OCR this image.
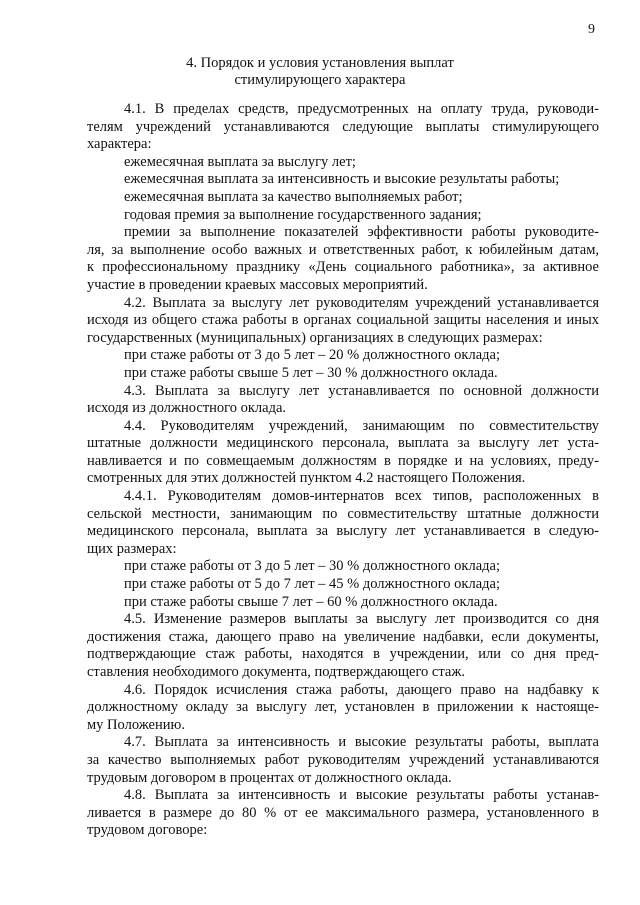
9
4. Порядок и условия установления выплат
стимулирующего характера
4.1. В пределах средств, предусмотренных на оплату труда, руководи-
телям учреждений устанавливаются следующие выплаты стимулирующего
характера:
ежемесячная выплата за выслугу лет;
ежемесячная выплата за интенсивность и высокие результаты работы;
ежемесячная выплата за качество выполняемых работ;
годовая премия за выполнение государственного задания;
премии за выполнение показателей эффективности работы руководите-
ля, за выполнение особо важных и ответственных работ, к юбилейным датам,
к профессиональному празднику «День социального работника», за активное
участие в проведении краевых массовых мероприятий.
4.2. Выплата за выслугу лет руководителям учреждений устанавливается
исходя из общего стажа работы в органах социальной защиты населения и иных
государственных (муниципальных) организациях в следующих размерах:
при стаже работы от 3 до 5 лет – 20 % должностного оклада;
при стаже работы свыше 5 лет – 30 % должностного оклада.
4.3. Выплата за выслугу лет устанавливается по основной должности
исходя из должностного оклада.
4.4. Руководителям учреждений, занимающим по совместительству
штатные должности медицинского персонала, выплата за выслугу лет уста-
навливается и по совмещаемым должностям в порядке и на условиях, преду-
смотренных для этих должностей пунктом 4.2 настоящего Положения.
4.4.1. Руководителям домов-интернатов всех типов, расположенных в
сельской местности, занимающим по совместительству штатные должности
медицинского персонала, выплата за выслугу лет устанавливается в следую-
щих размерах:
при стаже работы от 3 до 5 лет – 30 % должностного оклада;
при стаже работы от 5 до 7 лет – 45 % должностного оклада;
при стаже работы свыше 7 лет – 60 % должностного оклада.
4.5. Изменение размеров выплаты за выслугу лет производится со дня
достижения стажа, дающего право на увеличение надбавки, если документы,
подтверждающие стаж работы, находятся в учреждении, или со дня пред-
ставления необходимого документа, подтверждающего стаж.
4.6. Порядок исчисления стажа работы, дающего право на надбавку к
должностному окладу за выслугу лет, установлен в приложении к настояще-
му Положению.
4.7. Выплата за интенсивность и высокие результаты работы, выплата
за качество выполняемых работ руководителям учреждений устанавливаются
трудовым договором в процентах от должностного оклада.
4.8. Выплата за интенсивность и высокие результаты работы устанав-
ливается в размере до 80 % от ее максимального размера, установленного в
трудовом договоре:
